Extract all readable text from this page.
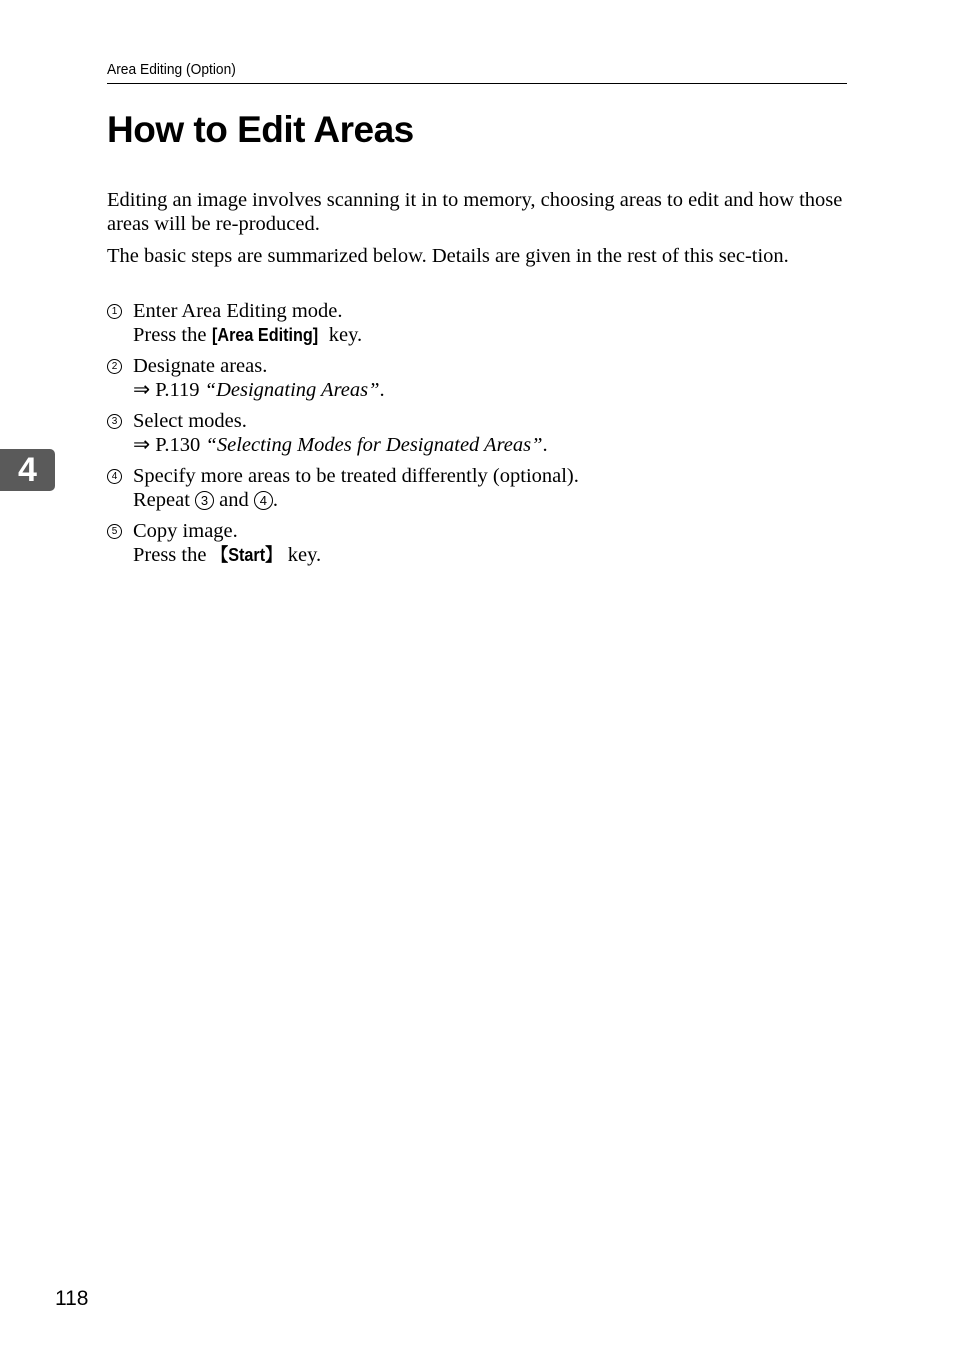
Area Editing (Option)
How to Edit Areas

Editing an image involves scanning it in to memory, choosing areas to edit and how those areas will be re-produced.

The basic steps are summarized below. Details are given in the rest of this sec-tion.

1 Enter Area Editing mode.
Press the [Area Editing] key.
2 Designate areas.
⇒ P.119 “Designating Areas”.
3 Select modes.
⇒ P.130 “Selecting Modes for Designated Areas”.
4 Specify more areas to be treated differently (optional).
Repeat 3 and 4 .
5 Copy image.
Press the 【Start】 key.
4
118
